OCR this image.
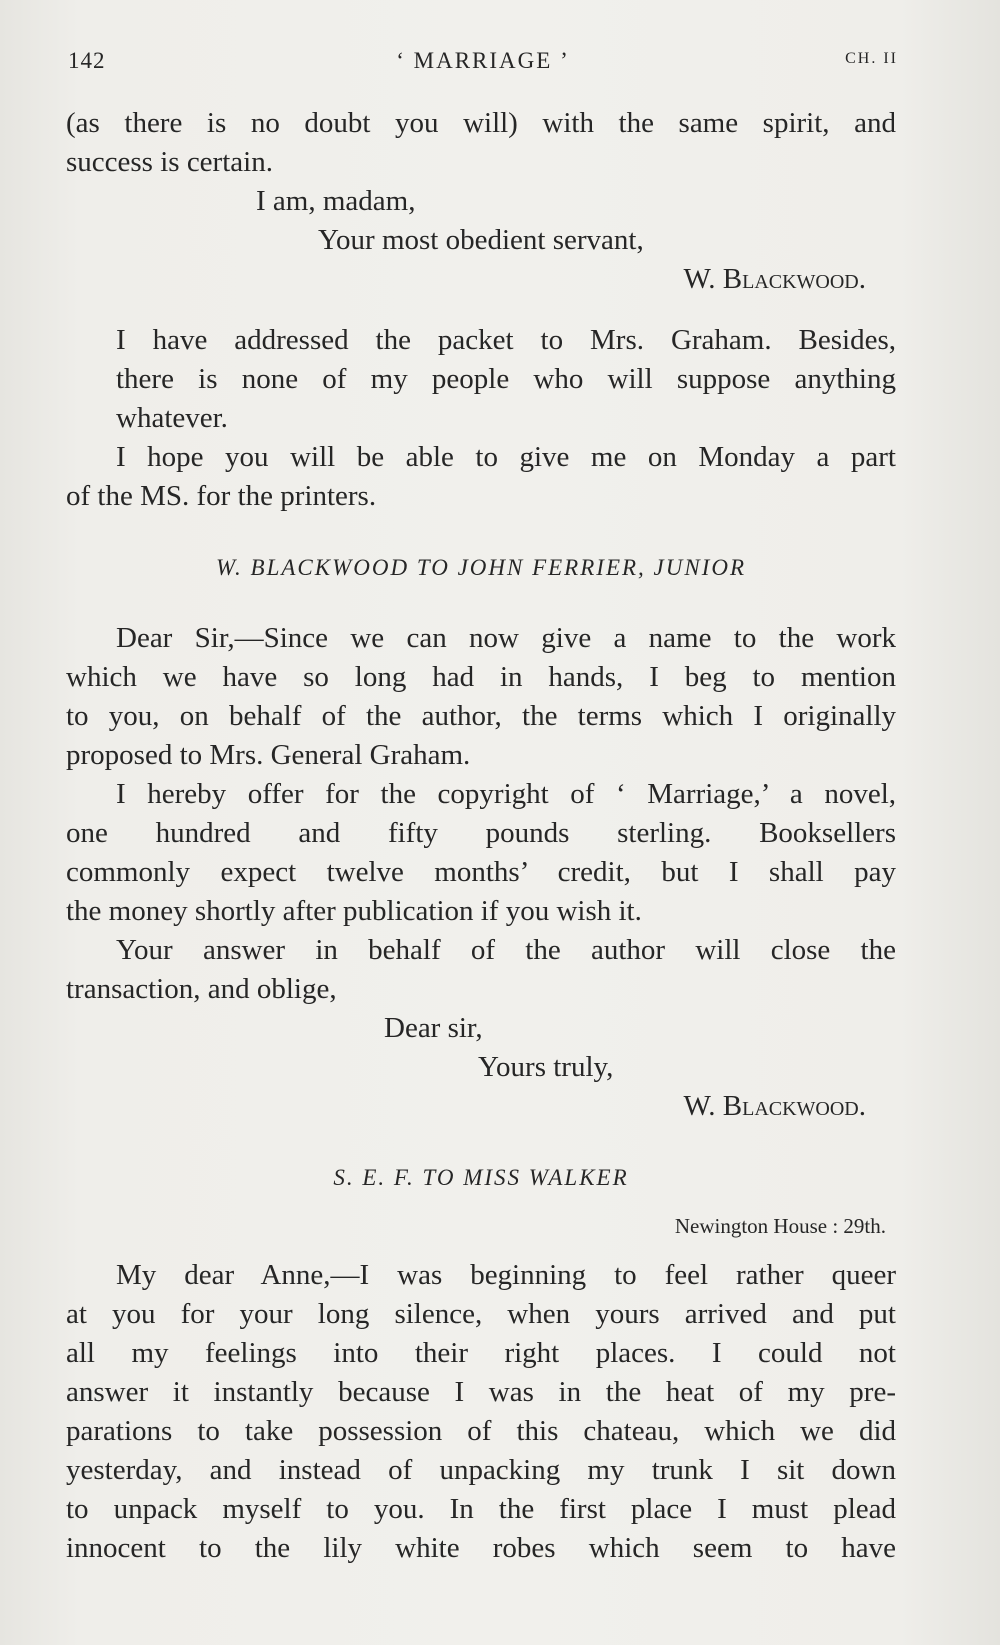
142	‘ MARRIAGE ’	CH. II

(as there is no doubt you will) with the same spirit, and
success is certain.

I am, madam,

Your most obedient servant,

W. Blackwood.

I have addressed the packet to Mrs. Graham. Besides,
there is none of my people who will suppose anything
whatever.

I hope you will be able to give me on Monday a part
of the MS. for the printers.

W. BLACKWOOD TO JOHN FERRIER, JUNIOR

Dear Sir,—Since we can now give a name to the work
which we have so long had in hands, I beg to mention
to you, on behalf of the author, the terms which I originally
proposed to Mrs. General Graham.

I hereby offer for the copyright of ‘ Marriage,’ a novel,
one hundred and fifty pounds sterling. Booksellers
commonly expect twelve months’ credit, but I shall pay
the money shortly after publication if you wish it.

Your answer in behalf of the author will close the
transaction, and oblige,

Dear sir,

Yours truly,

W. Blackwood.

S. E. F. TO MISS WALKER

Newington House : 29th.

My dear Anne,—I was beginning to feel rather queer
at you for your long silence, when yours arrived and put
all my feelings into their right places. I could not
answer it instantly because I was in the heat of my pre-
parations to take possession of this chateau, which we did
yesterday, and instead of unpacking my trunk I sit down
to unpack myself to you. In the first place I must plead
innocent to the lily white robes which seem to have
